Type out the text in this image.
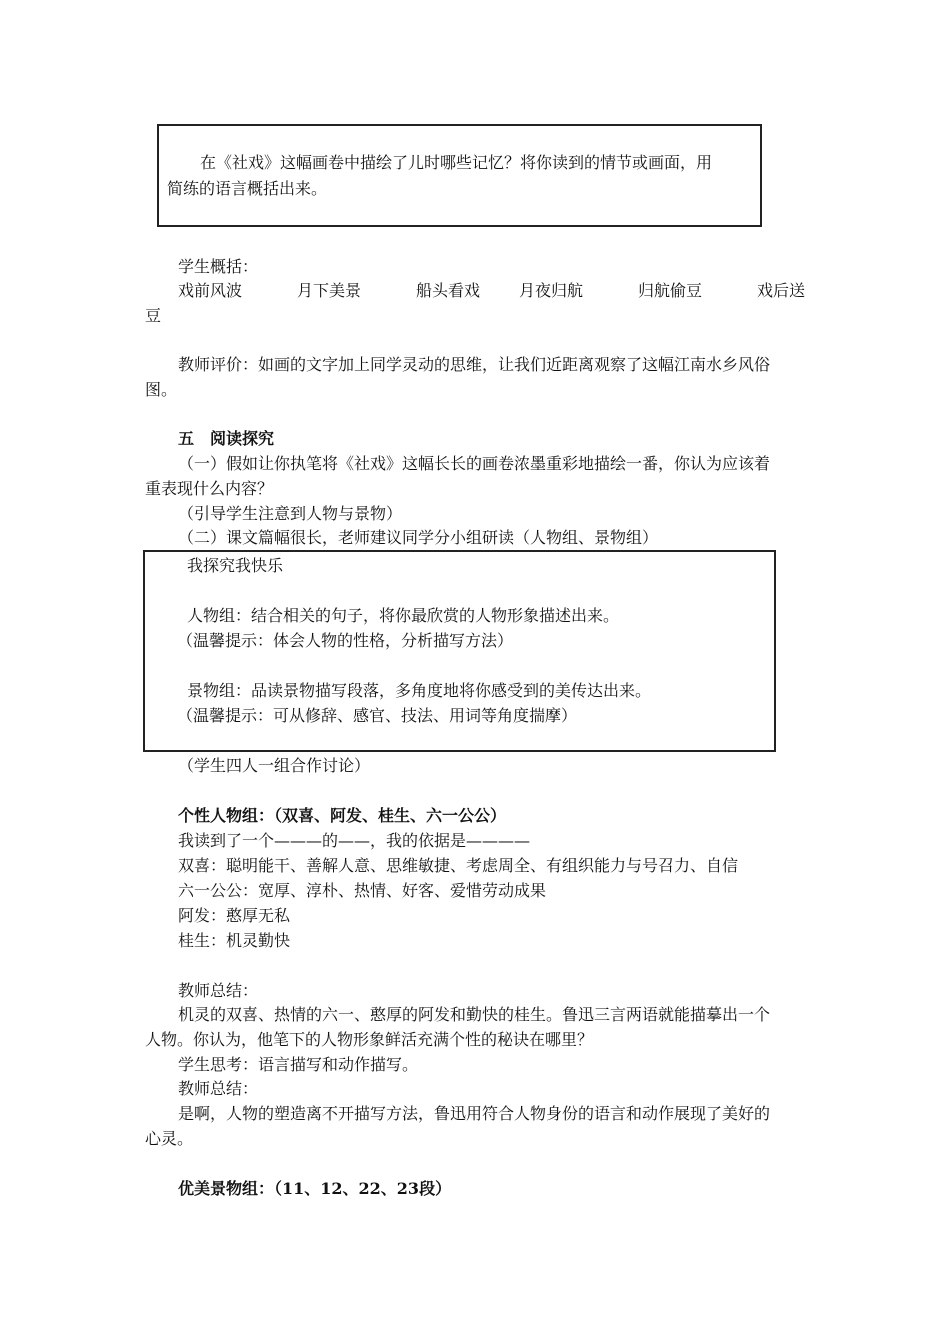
在《社戏》这幅画卷中描绘了儿时哪些记忆？将你读到的情节或画面，用
简练的语言概括出来。
学生概括：
戏前风波	月下美景	船头看戏 月夜归航	归航偷豆	戏后送
豆
教师评价：如画的文字加上同学灵动的思维，让我们近距离观察了这幅江南水乡风俗
图。
五　阅读探究
（一）假如让你执笔将《社戏》这幅长长的画卷浓墨重彩地描绘一番，你认为应该着
重表现什么内容？
（引导学生注意到人物与景物）
（二）课文篇幅很长，老师建议同学分小组研读（人物组、景物组）
我探究我快乐
人物组：结合相关的句子，将你最欣赏的人物形象描述出来。
（温馨提示：体会人物的性格，分析描写方法）
景物组：品读景物描写段落，多角度地将你感受到的美传达出来。
（温馨提示：可从修辞、感官、技法、用词等角度揣摩）
（学生四人一组合作讨论）
个性人物组：（双喜、阿发、桂生、六一公公）
我读到了一个———的——，我的依据是————
双喜：聪明能干、善解人意、思维敏捷、考虑周全、有组织能力与号召力、自信
六一公公：宽厚、淳朴、热情、好客、爱惜劳动成果
阿发：憨厚无私
桂生：机灵勤快
教师总结：
机灵的双喜、热情的六一、憨厚的阿发和勤快的桂生。鲁迅三言两语就能描摹出一个
人物。你认为，他笔下的人物形象鲜活充满个性的秘诀在哪里？
学生思考：语言描写和动作描写。
教师总结：
是啊，人物的塑造离不开描写方法，鲁迅用符合人物身份的语言和动作展现了美好的
心灵。
优美景物组：（11、12、22、23段）
